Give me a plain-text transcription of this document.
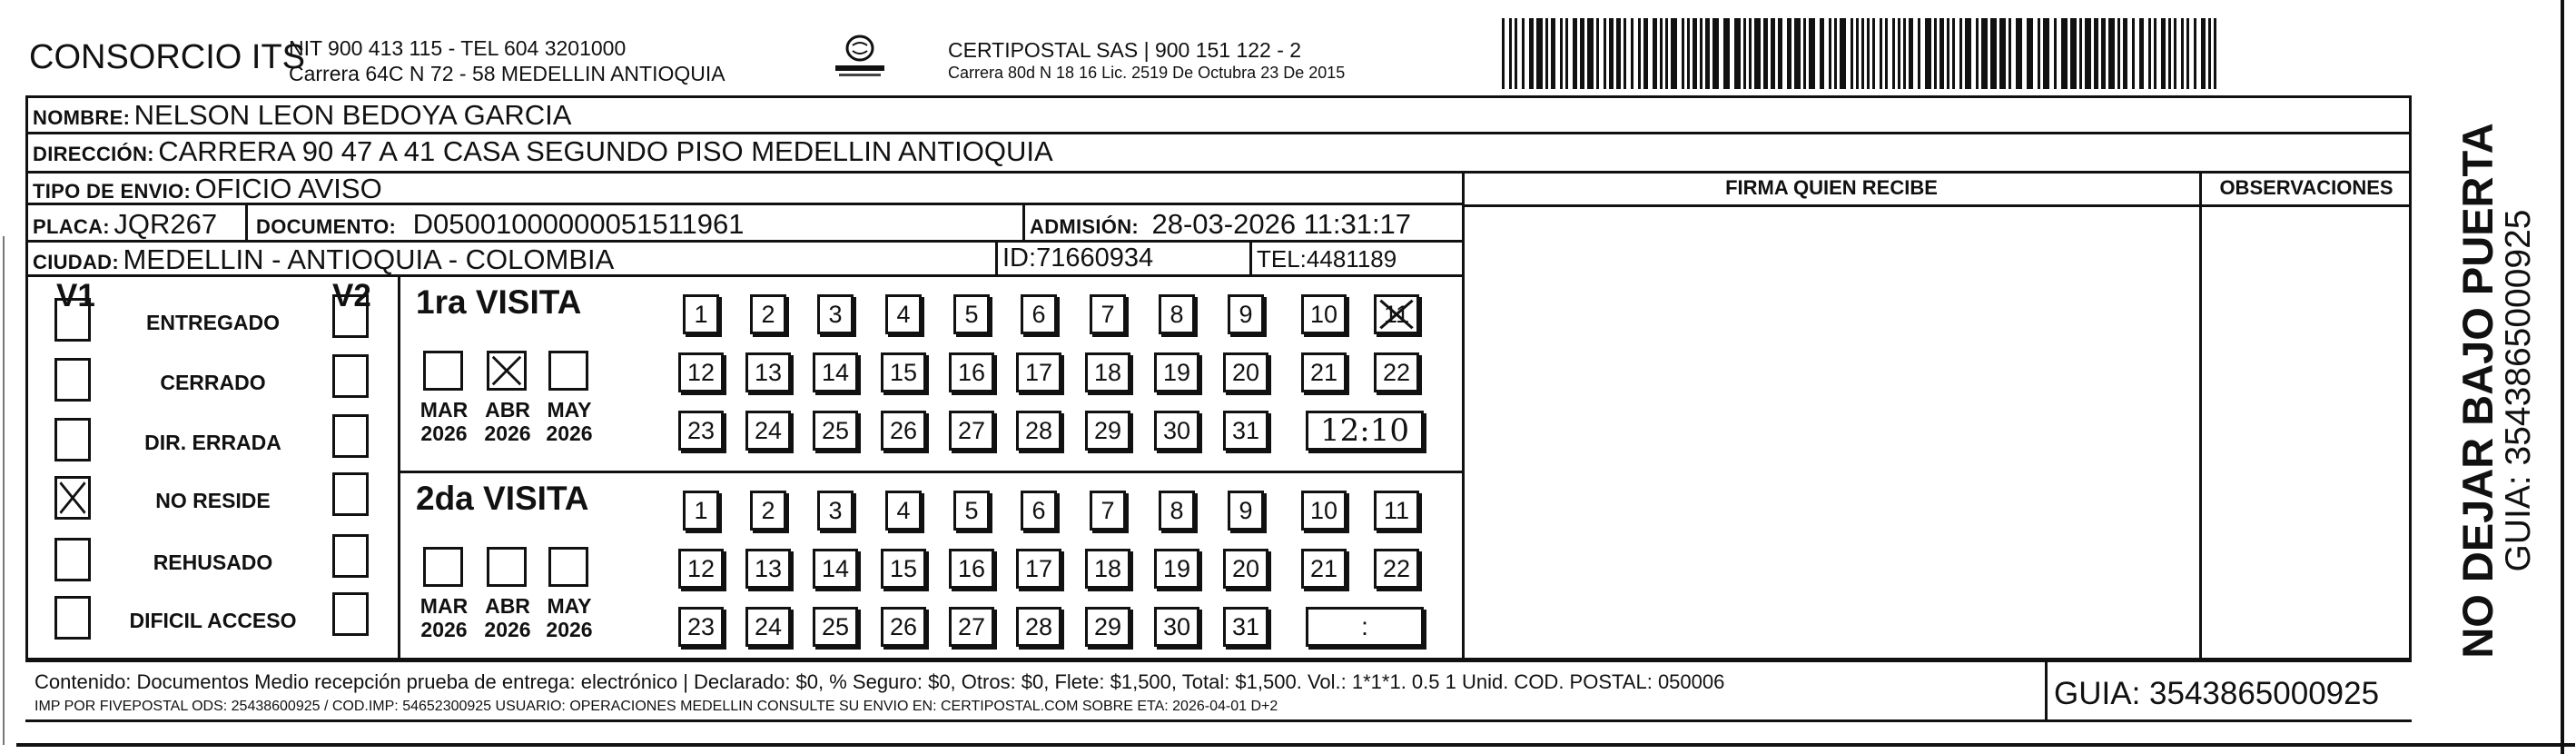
CONSORCIO ITS
NIT 900 413 115 - TEL 604 3201000
Carrera 64C N 72 - 58 MEDELLIN ANTIOQUIA
CERTIPOSTAL SAS | 900 151 122 - 2
Carrera 80d N 18 16 Lic. 2519 De Octubra 23 De 2015
NOMBRE: NELSON LEON BEDOYA GARCIA
DIRECCIÓN: CARRERA 90 47 A 41 CASA SEGUNDO PISO MEDELLIN ANTIOQUIA
TIPO DE ENVIO: OFICIO AVISO
PLACA: JQR267 DOCUMENTO: D05001000000051511961	ADMISIÓN: 28-03-2026 11:31:17
CIUDAD: MEDELLIN - ANTIOQUIA - COLOMBIA	ID:71660934	TEL:4481189
FIRMA QUIEN RECIBE	OBSERVACIONES
V1	V2
ENTREGADO
CERRADO
DIR. ERRADA
NO RESIDE
REHUSADO
DIFICIL ACCESO
1ra VISITA
MAR
2026
ABR
2026
MAY
2026
1	2	3	4	5	6	7	8	9	10	11
12	13	14	15	16	17	18	19	20	21	22
23	24	25	26	27	28	29	30	31	12:10
2da VISITA
MAR
2026
ABR
2026
MAY
2026
1	2	3	4	5	6	7	8	9	10	11
12	13	14	15	16	17	18	19	20	21	22
23	24	25	26	27	28	29	30	31	:
Contenido: Documentos Medio recepción prueba de entrega: electrónico | Declarado: $0, % Seguro: $0, Otros: $0, Flete: $1,500, Total: $1,500. Vol.: 1*1*1. 0.5 1 Unid. COD. POSTAL: 050006
IMP POR FIVEPOSTAL ODS: 25438600925 / COD.IMP: 54652300925 USUARIO: OPERACIONES MEDELLIN CONSULTE SU ENVIO EN: CERTIPOSTAL.COM SOBRE ETA: 2026-04-01 D+2	GUIA: 3543865000925
NO DEJAR BAJO PUERTA
GUIA: 3543865000925
